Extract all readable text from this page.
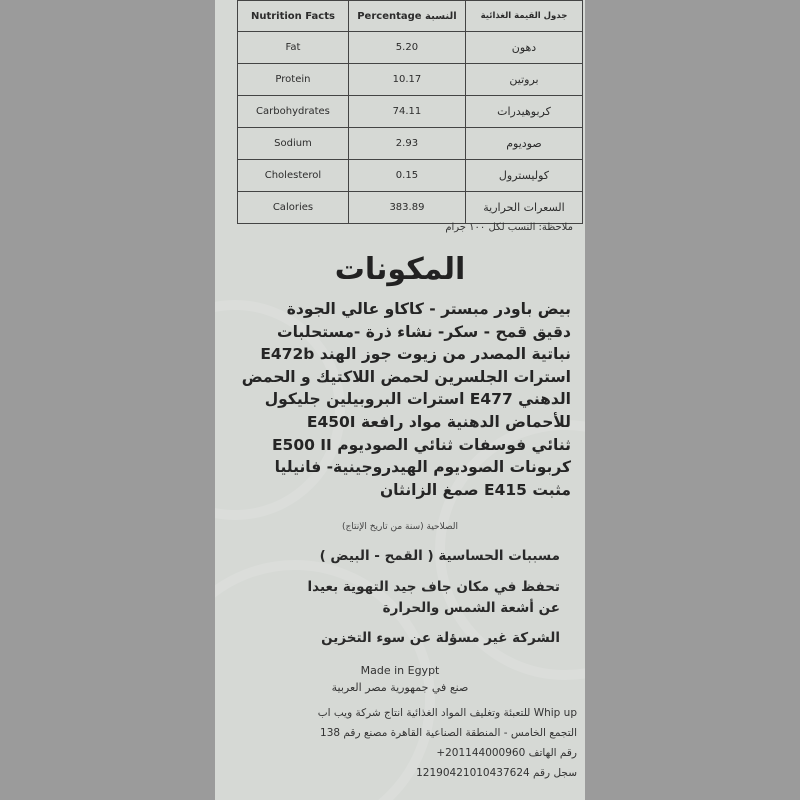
Nutrition Facts	Percentage النسبة	جدول القيمة الغذائية
Fat	5.20	دهون
Protein	10.17	بروتين
Carbohydrates	74.11	كربوهيدرات
Sodium	2.93	صوديوم
Cholesterol	0.15	كوليسترول
Calories	383.89	السعرات الحرارية
ملاحظة: النسب لكل ١٠٠ جرام
المكونات
بيض باودر مبستر - كاكاو عالي الجودة
دقيق قمح - سكر- نشاء ذرة -مستحلبات
نباتية المصدر من زيوت جوز الهند E472b
استرات الجلسرين لحمض اللاكتيك و الحمض
الدهني E477 استرات البروبيلين جليكول
للأحماض الدهنية مواد رافعة E450I
ثنائي فوسفات ثنائي الصوديوم E500 II
كربونات الصوديوم الهيدروجينية- فانيليا
مثبت E415 صمغ الزانثان
الصلاحية (سنة من تاريخ الإنتاج)
مسببات الحساسية ( القمح - البيض )
تحفظ في مكان جاف جيد التهوية بعيدا
عن أشعة الشمس والحرارة
الشركة غير مسؤلة عن سوء التخزين
Made in Egypt
صنع في جمهورية مصر العربية
Whip up للتعبئة وتغليف المواد الغذائية انتاج شركة ويب اب
التجمع الخامس - المنطقة الصناعية القاهرة مصنع رقم 138
رقم الهاتف +201144000960
سجل رقم 12190421010437624
